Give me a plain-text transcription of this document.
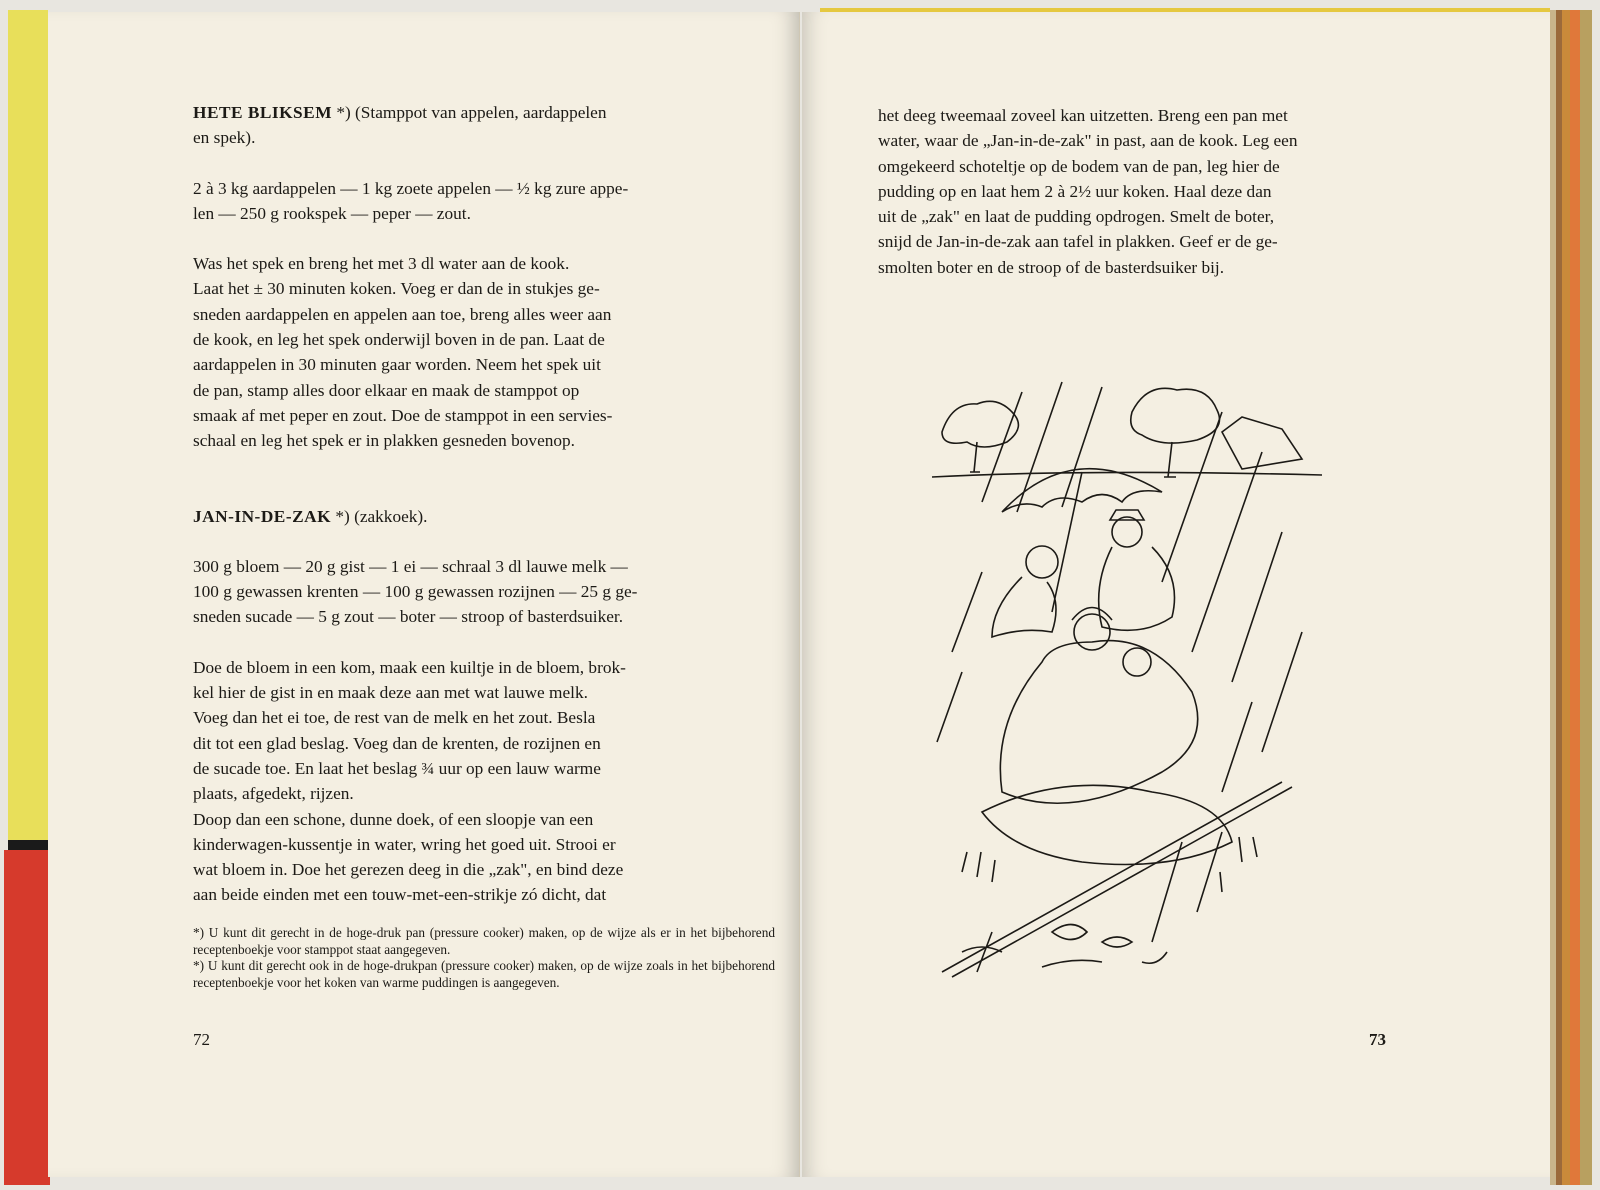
HETE BLIKSEM *) (Stamppot van appelen, aardappelen

en spek).

2 à 3 kg aardappelen — 1 kg zoete appelen — ½ kg zure appe-

len — 250 g rookspek — peper — zout.

Was het spek en breng het met 3 dl water aan de kook.

Laat het ± 30 minuten koken. Voeg er dan de in stukjes ge-

sneden aardappelen en appelen aan toe, breng alles weer aan

de kook, en leg het spek onderwijl boven in de pan. Laat de

aardappelen in 30 minuten gaar worden. Neem het spek uit

de pan, stamp alles door elkaar en maak de stamppot op

smaak af met peper en zout. Doe de stamppot in een servies-

schaal en leg het spek er in plakken gesneden bovenop.

JAN-IN-DE-ZAK *) (zakkoek).

300 g bloem — 20 g gist — 1 ei — schraal 3 dl lauwe melk —

100 g gewassen krenten — 100 g gewassen rozijnen — 25 g ge-

sneden sucade — 5 g zout — boter — stroop of basterdsuiker.

Doe de bloem in een kom, maak een kuiltje in de bloem, brok-

kel hier de gist in en maak deze aan met wat lauwe melk.

Voeg dan het ei toe, de rest van de melk en het zout. Besla

dit tot een glad beslag. Voeg dan de krenten, de rozijnen en

de sucade toe. En laat het beslag ¾ uur op een lauw warme

plaats, afgedekt, rijzen.

Doop dan een schone, dunne doek, of een sloopje van een

kinderwagen-kussentje in water, wring het goed uit. Strooi er

wat bloem in. Doe het gerezen deeg in die „zak", en bind deze

aan beide einden met een touw-met-een-strikje zó dicht, dat

*) U kunt dit gerecht in de hoge-druk pan (pressure cooker) maken, op de wijze als er in het bijbehorend receptenboekje voor stamppot staat aangegeven.

*) U kunt dit gerecht ook in de hoge-drukpan (pressure cooker) maken, op de wijze zoals in het bijbehorend receptenboekje voor het koken van warme puddingen is aangegeven.

72

het deeg tweemaal zoveel kan uitzetten. Breng een pan met

water, waar de „Jan-in-de-zak" in past, aan de kook. Leg een

omgekeerd schoteltje op de bodem van de pan, leg hier de

pudding op en laat hem 2 à 2½ uur koken. Haal deze dan

uit de „zak" en laat de pudding opdrogen. Smelt de boter,

snijd de Jan-in-de-zak aan tafel in plakken. Geef er de ge-

smolten boter en de stroop of de basterdsuiker bij.

73
